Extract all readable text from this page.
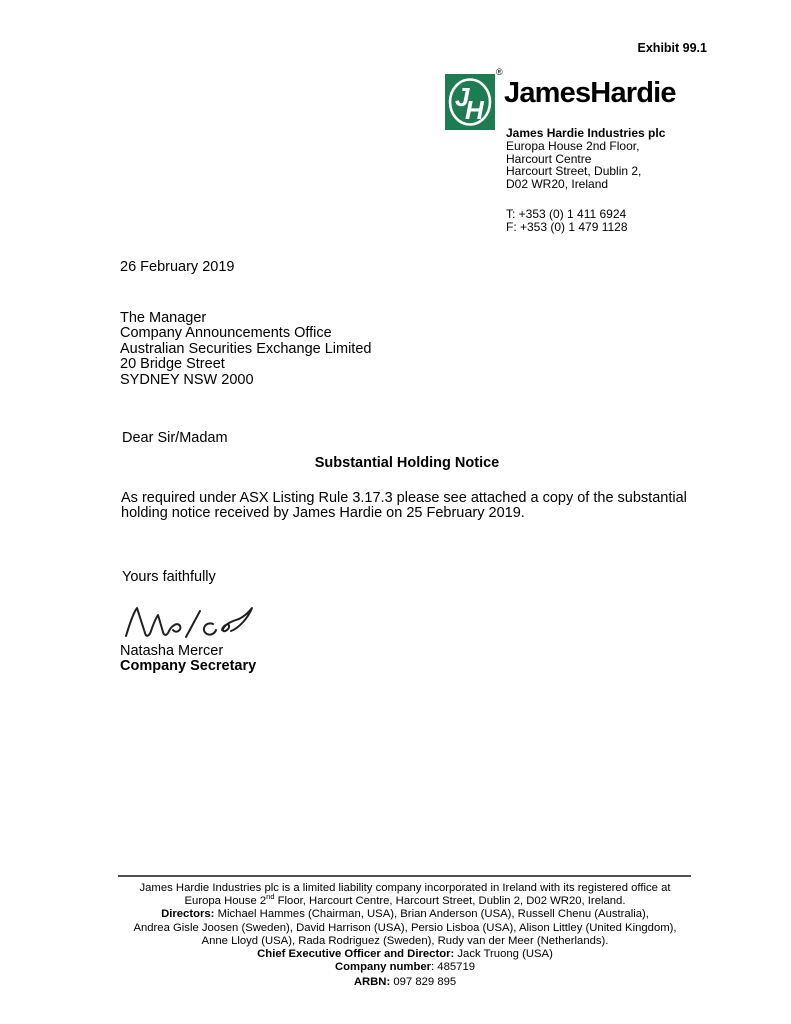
Exhibit 99.1
J
H
®
JamesHardie
James Hardie Industries plc
Europa House 2nd Floor,
Harcourt Centre
Harcourt Street, Dublin 2,
D02 WR20, Ireland
T: +353 (0) 1 411 6924
F: +353 (0) 1 479 1128
26 February 2019
The Manager
Company Announcements Office
Australian Securities Exchange Limited
20 Bridge Street
SYDNEY NSW 2000
Dear Sir/Madam
Substantial Holding Notice
As required under ASX Listing Rule 3.17.3 please see attached a copy of the substantial holding notice received by James Hardie on 25 February 2019.
Yours faithfully
Natasha Mercer
Company Secretary
James Hardie Industries plc is a limited liability company incorporated in Ireland with its registered office at
Europa House 2nd Floor, Harcourt Centre, Harcourt Street, Dublin 2, D02 WR20, Ireland.
Directors: Michael Hammes (Chairman, USA), Brian Anderson (USA), Russell Chenu (Australia),
Andrea Gisle Joosen (Sweden), David Harrison (USA), Persio Lisboa (USA), Alison Littley (United Kingdom),
Anne Lloyd (USA), Rada Rodriguez (Sweden), Rudy van der Meer (Netherlands).
Chief Executive Officer and Director: Jack Truong (USA)
Company number: 485719
ARBN: 097 829 895
